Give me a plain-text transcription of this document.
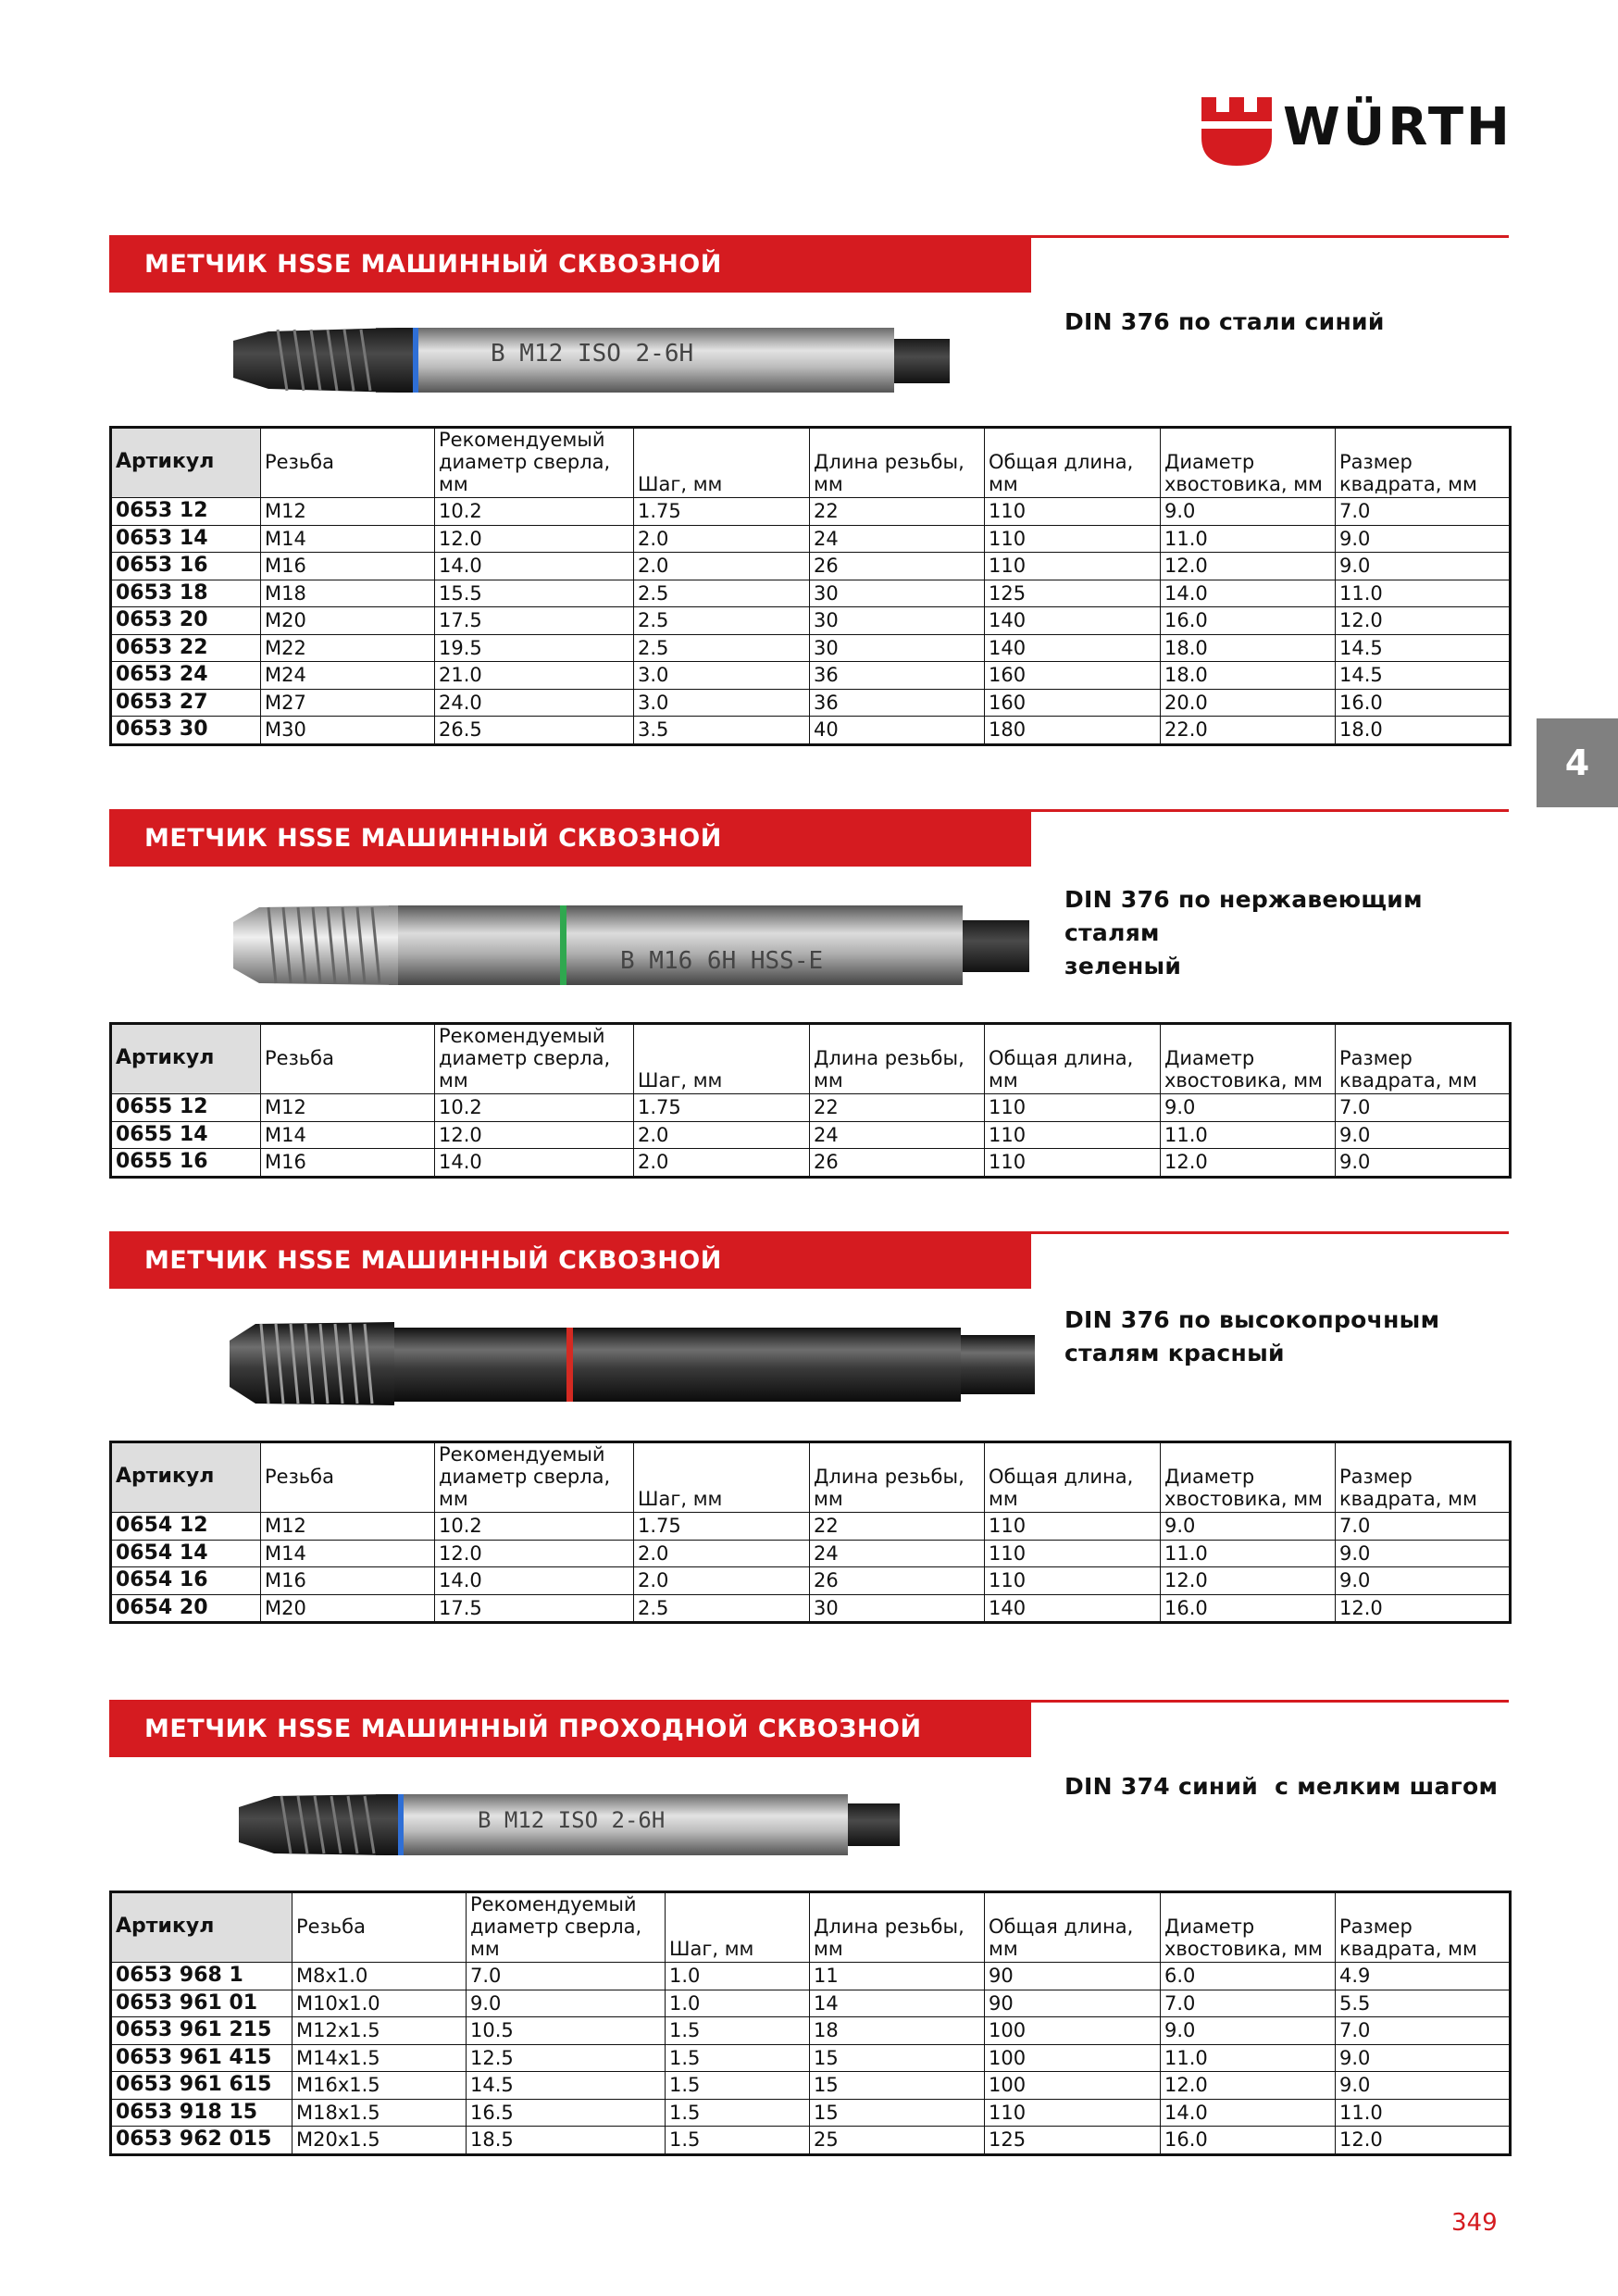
WÜRTH
4
МЕТЧИК HSSE МАШИННЫЙ СКВОЗНОЙ
DIN 376 по стали синий
B M12 ISO 2-6H
Артикул	Резьба	Рекомендуемый диаметр сверла, мм	Шаг, мм	Длина резьбы, мм	Общая длина, мм	Диаметр хвостовика, мм	Размер квадрата, мм
0653 12	M12	10.2	1.75	22	110	9.0	7.0
0653 14	M14	12.0	2.0	24	110	11.0	9.0
0653 16	M16	14.0	2.0	26	110	12.0	9.0
0653 18	M18	15.5	2.5	30	125	14.0	11.0
0653 20	M20	17.5	2.5	30	140	16.0	12.0
0653 22	M22	19.5	2.5	30	140	18.0	14.5
0653 24	M24	21.0	3.0	36	160	18.0	14.5
0653 27	M27	24.0	3.0	36	160	20.0	16.0
0653 30	M30	26.5	3.5	40	180	22.0	18.0
МЕТЧИК HSSE МАШИННЫЙ СКВОЗНОЙ
DIN 376 по нержавеющим сталям
зеленый
B M16 6H HSS-E
Артикул	Резьба	Рекомендуемый диаметр сверла, мм	Шаг, мм	Длина резьбы, мм	Общая длина, мм	Диаметр хвостовика, мм	Размер квадрата, мм
0655 12	M12	10.2	1.75	22	110	9.0	7.0
0655 14	M14	12.0	2.0	24	110	11.0	9.0
0655 16	M16	14.0	2.0	26	110	12.0	9.0
МЕТЧИК HSSE МАШИННЫЙ СКВОЗНОЙ
DIN 376 по высокопрочным
сталям красный
Артикул	Резьба	Рекомендуемый диаметр сверла, мм	Шаг, мм	Длина резьбы, мм	Общая длина, мм	Диаметр хвостовика, мм	Размер квадрата, мм
0654 12	M12	10.2	1.75	22	110	9.0	7.0
0654 14	M14	12.0	2.0	24	110	11.0	9.0
0654 16	M16	14.0	2.0	26	110	12.0	9.0
0654 20	M20	17.5	2.5	30	140	16.0	12.0
МЕТЧИК HSSE МАШИННЫЙ ПРОХОДНОЙ СКВОЗНОЙ
DIN 374 синий  с мелким шагом
B M12 ISO 2-6H
Артикул	Резьба	Рекомендуемый диаметр сверла, мм	Шаг, мм	Длина резьбы, мм	Общая длина, мм	Диаметр хвостовика, мм	Размер квадрата, мм
0653 968 1	M8x1.0	7.0	1.0	11	90	6.0	4.9
0653 961 01	M10x1.0	9.0	1.0	14	90	7.0	5.5
0653 961 215	M12x1.5	10.5	1.5	18	100	9.0	7.0
0653 961 415	M14x1.5	12.5	1.5	15	100	11.0	9.0
0653 961 615	M16x1.5	14.5	1.5	15	100	12.0	9.0
0653 918 15	M18x1.5	16.5	1.5	15	110	14.0	11.0
0653 962 015	M20x1.5	18.5	1.5	25	125	16.0	12.0
349
